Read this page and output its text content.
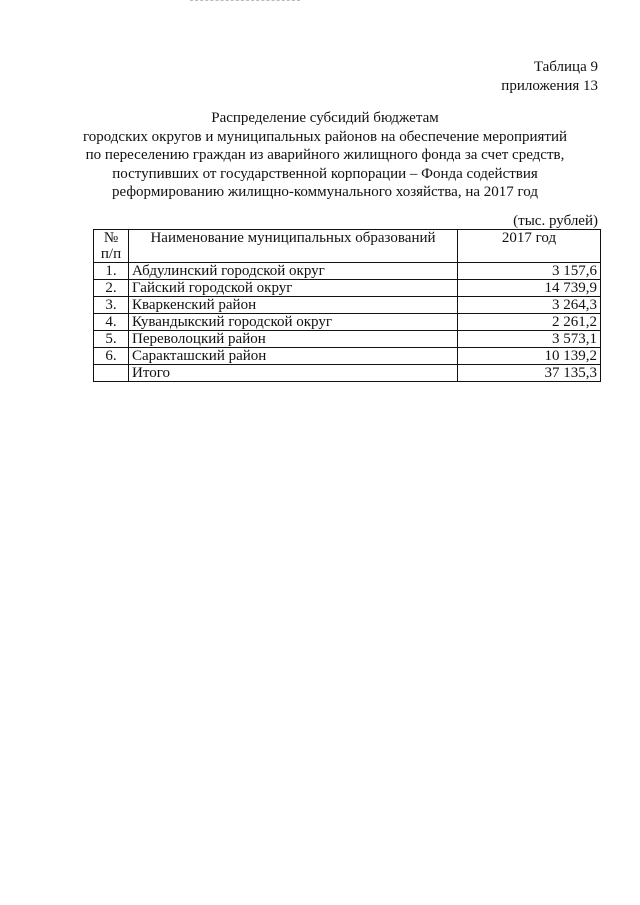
Таблица 9
приложения 13
Распределение субсидий бюджетам
городских округов и муниципальных районов на обеспечение мероприятий
по переселению граждан из аварийного жилищного фонда за счет средств,
поступивших от государственной корпорации – Фонда содействия
реформированию жилищно-коммунального хозяйства, на 2017 год
(тыс. рублей)
№
п/п	Наименование муниципальных образований	2017 год
1.	Абдулинский городской округ	3 157,6
2.	Гайский городской округ	14 739,9
3.	Кваркенский район	3 264,3
4.	Кувандыкский городской округ	2 261,2
5.	Переволоцкий район	3 573,1
6.	Саракташский район	10 139,2
	Итого	37 135,3
